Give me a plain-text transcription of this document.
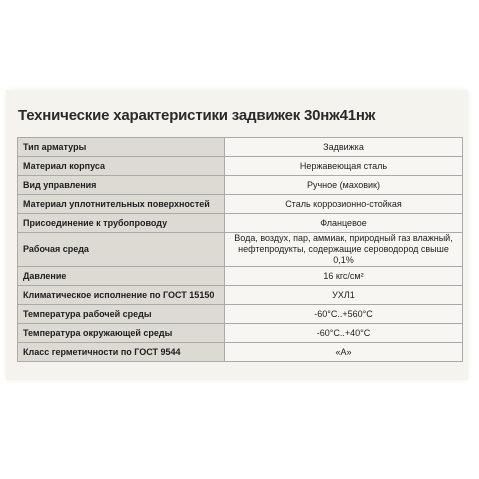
Технические характеристики задвижек 30нж41нж
Тип арматуры	Задвижка
Материал корпуса	Нержавеющая сталь
Вид управления	Ручное (маховик)
Материал уплотнительных поверхностей	Сталь коррозионно-стойкая
Присоединение к трубопроводу	Фланцевое
Рабочая среда	Вода, воздух, пар, аммиак, природный газ влажный, нефтепродукты, содержащие сероводород свыше 0,1%
Давление	16 кгс/см²
Климатическое исполнение по ГОСТ 15150	УХЛ1
Температура рабочей среды	-60°С..+560°С
Температура окружающей среды	-60°С..+40°С
Класс герметичности по ГОСТ 9544	«А»
